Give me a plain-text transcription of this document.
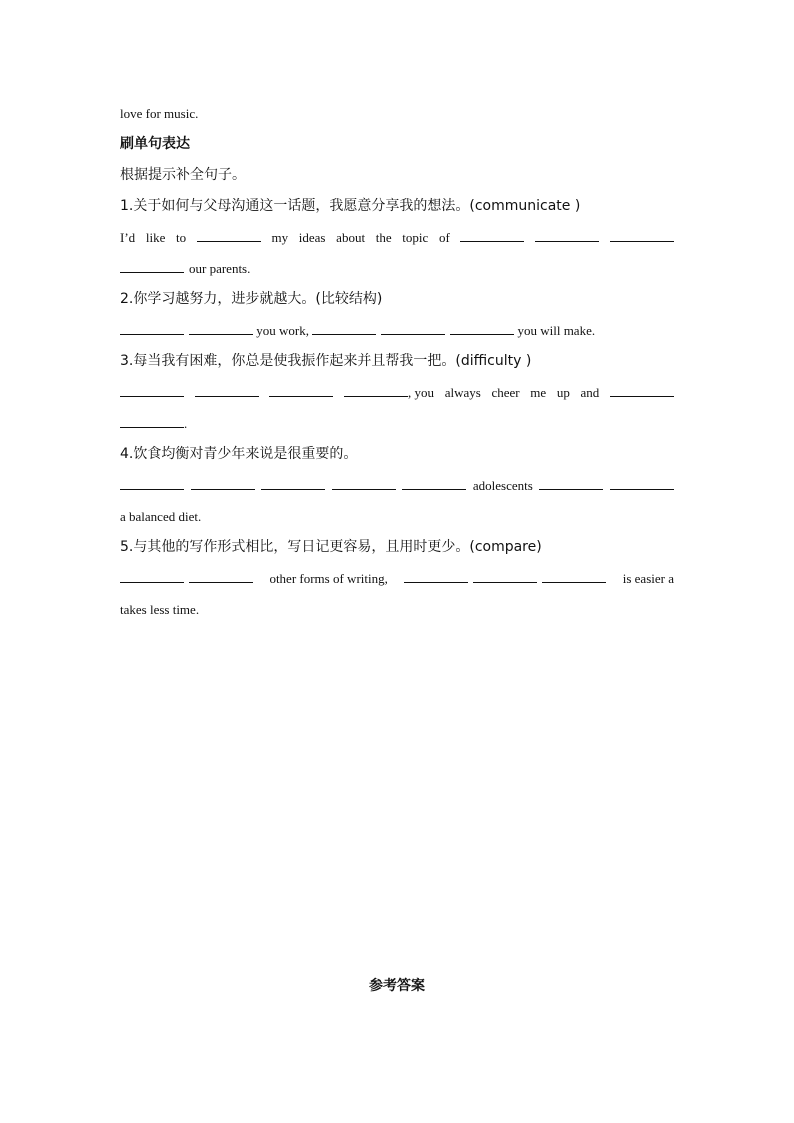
love for music.
刷单句表达
根据提示补全句子。
1.关于如何与父母沟通这一话题，我愿意分享我的想法。(communicate )
I’d like to	my ideas about the topic of
our parents.
2.你学习越努力，进步就越大。(比较结构)
you work,	you will make.
3.每当我有困难，你总是使我振作起来并且帮我一把。(difficulty )
, you always cheer me up and
.
4.饮食均衡对青少年来说是很重要的。
adolescents
a balanced diet.
5.与其他的写作形式相比，写日记更容易，且用时更少。(compare)
other forms of writing,	is easier a
takes less time.
参考答案
